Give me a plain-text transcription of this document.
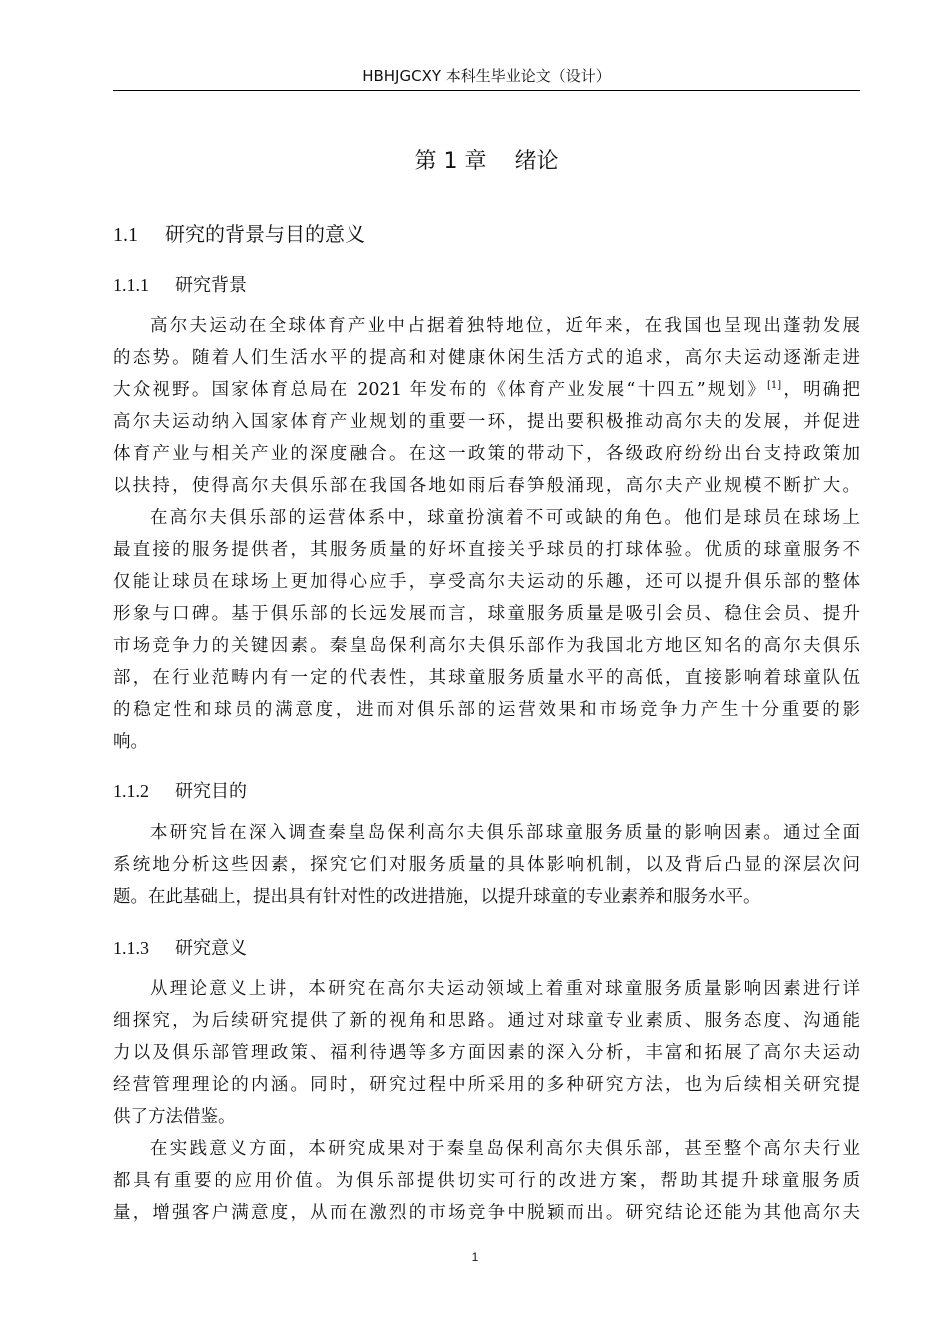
HBHJGCXY 本科生毕业论文（设计）
第 1 章    绪论
1.1 研究的背景与目的意义
1.1.1 研究背景
高尔夫运动在全球体育产业中占据着独特地位，近年来，在我国也呈现出蓬勃发展
的态势。随着人们生活水平的提高和对健康休闲生活方式的追求，高尔夫运动逐渐走进
大众视野。国家体育总局在 2021 年发布的《体育产业发展“十四五”规划》[1]，明确把
高尔夫运动纳入国家体育产业规划的重要一环，提出要积极推动高尔夫的发展，并促进
体育产业与相关产业的深度融合。在这一政策的带动下，各级政府纷纷出台支持政策加
以扶持，使得高尔夫俱乐部在我国各地如雨后春笋般涌现，高尔夫产业规模不断扩大。
在高尔夫俱乐部的运营体系中，球童扮演着不可或缺的角色。他们是球员在球场上
最直接的服务提供者，其服务质量的好坏直接关乎球员的打球体验。优质的球童服务不
仅能让球员在球场上更加得心应手，享受高尔夫运动的乐趣，还可以提升俱乐部的整体
形象与口碑。基于俱乐部的长远发展而言，球童服务质量是吸引会员、稳住会员、提升
市场竞争力的关键因素。秦皇岛保利高尔夫俱乐部作为我国北方地区知名的高尔夫俱乐
部，在行业范畴内有一定的代表性，其球童服务质量水平的高低，直接影响着球童队伍
的稳定性和球员的满意度，进而对俱乐部的运营效果和市场竞争力产生十分重要的影
响。
1.1.2 研究目的
本研究旨在深入调查秦皇岛保利高尔夫俱乐部球童服务质量的影响因素。通过全面
系统地分析这些因素，探究它们对服务质量的具体影响机制，以及背后凸显的深层次问
题。在此基础上，提出具有针对性的改进措施，以提升球童的专业素养和服务水平。
1.1.3 研究意义
从理论意义上讲，本研究在高尔夫运动领域上着重对球童服务质量影响因素进行详
细探究，为后续研究提供了新的视角和思路。通过对球童专业素质、服务态度、沟通能
力以及俱乐部管理政策、福利待遇等多方面因素的深入分析，丰富和拓展了高尔夫运动
经营管理理论的内涵。同时，研究过程中所采用的多种研究方法，也为后续相关研究提
供了方法借鉴。
在实践意义方面，本研究成果对于秦皇岛保利高尔夫俱乐部，甚至整个高尔夫行业
都具有重要的应用价值。为俱乐部提供切实可行的改进方案，帮助其提升球童服务质
量，增强客户满意度，从而在激烈的市场竞争中脱颖而出。研究结论还能为其他高尔夫
1
